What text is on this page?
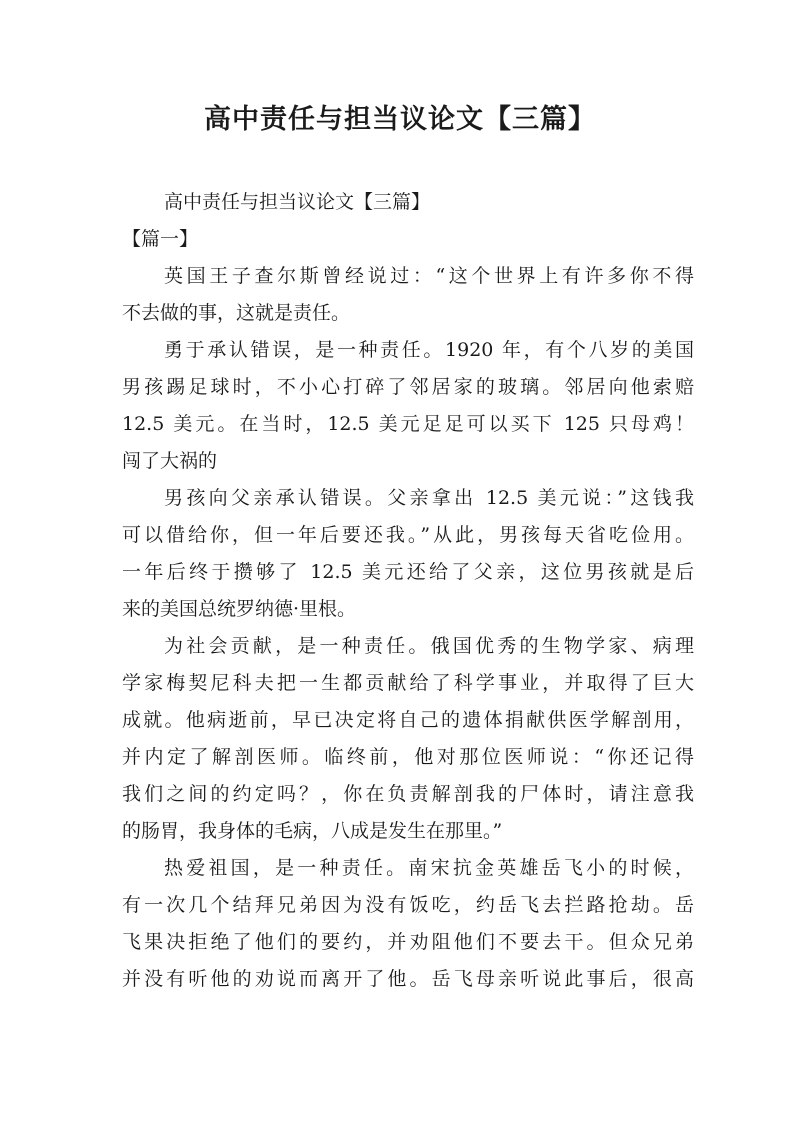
高中责任与担当议论文【三篇】

高中责任与担当议论文【三篇】

【篇一】

英国王子查尔斯曾经说过：“这个世界上有许多你不得
不去做的事，这就是责任。

勇于承认错误，是一种责任。1920 年，有个八岁的美国
男孩踢足球时，不小心打碎了邻居家的玻璃。邻居向他索赔
12.5 美元。在当时，12.5 美元足足可以买下 125 只母鸡！
闯了大祸的

男孩向父亲承认错误。父亲拿出 12.5 美元说：”这钱我
可以借给你，但一年后要还我。”从此，男孩每天省吃俭用。
一年后终于攒够了 12.5 美元还给了父亲，这位男孩就是后
来的美国总统罗纳德·里根。

为社会贡献，是一种责任。俄国优秀的生物学家、病理
学家梅契尼科夫把一生都贡献给了科学事业，并取得了巨大
成就。他病逝前，早已决定将自己的遗体捐献供医学解剖用，
并内定了解剖医师。临终前，他对那位医师说：“你还记得
我们之间的约定吗？，你在负责解剖我的尸体时，请注意我
的肠胃，我身体的毛病，八成是发生在那里。”

热爱祖国，是一种责任。南宋抗金英雄岳飞小的时候，
有一次几个结拜兄弟因为没有饭吃，约岳飞去拦路抢劫。岳
飞果决拒绝了他们的要约，并劝阻他们不要去干。但众兄弟
并没有听他的劝说而离开了他。岳飞母亲听说此事后，很高
